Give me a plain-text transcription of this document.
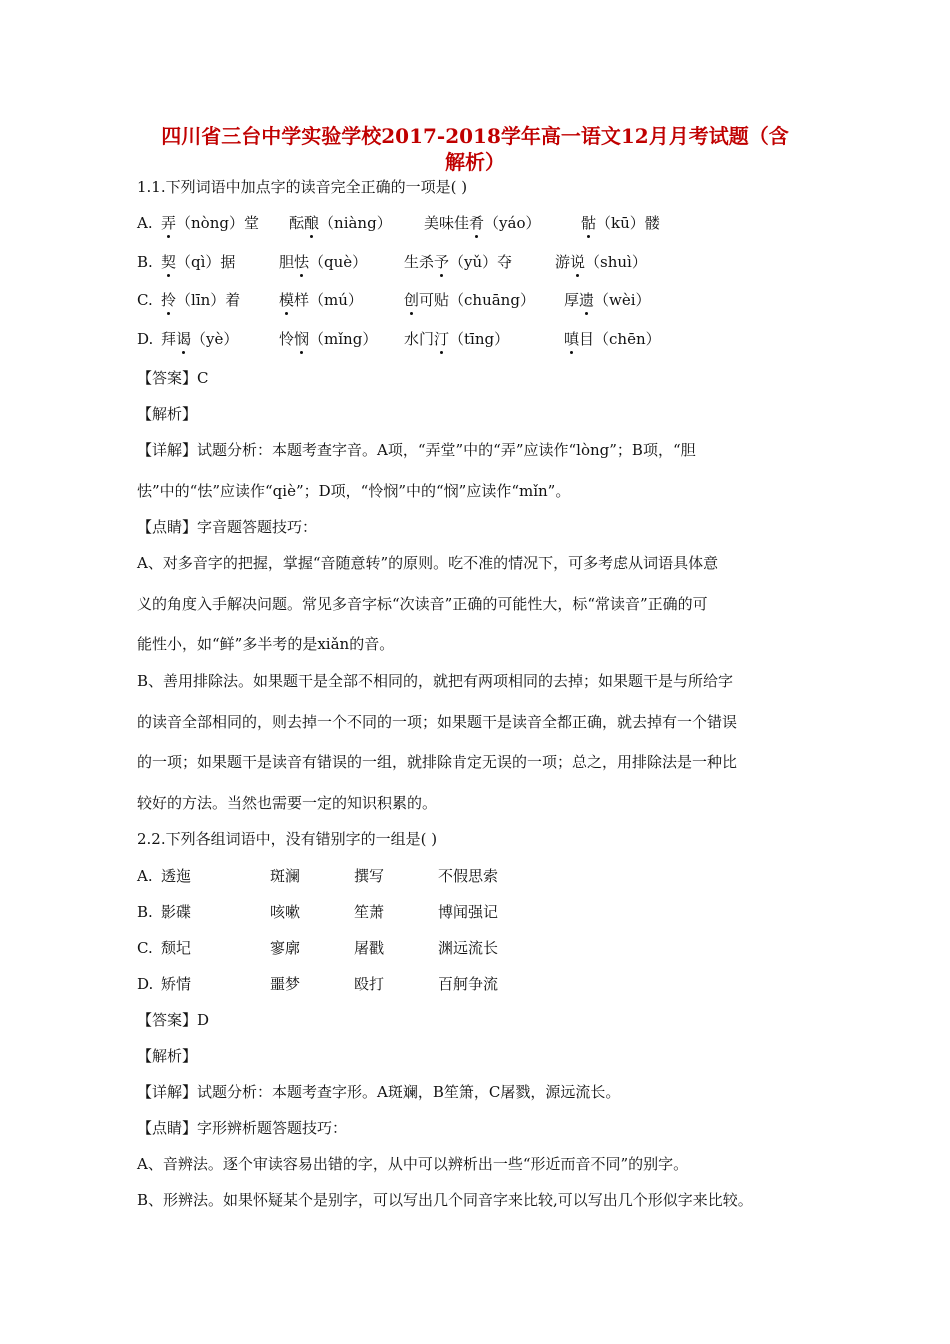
四川省三台中学实验学校2017-2018学年高一语文12月月考试题（含
解析）
1.1.下列词语中加点字的读音完全正确的一项是( )
A. 弄（nòng）堂 酝酿（niàng） 美味佳肴（yáo）	骷（kū）髅
B. 契（qì）据	胆怯（què） 生杀予（yǔ）夺	游说（shuì）
C. 拎（līn）着	模样（mú）	创可贴（chuāng） 厚遗（wèi）
D. 拜谒（yè）	怜悯（mǐng） 水门汀（tīng）	嗔目（chēn）
【答案】C
【解析】
【详解】试题分析：本题考查字音。A项，“弄堂”中的“弄”应读作“lòng”；B项，“胆
怯”中的“怯”应读作“qiè”；D项，“怜悯”中的“悯”应读作“mǐn”。
【点睛】字音题答题技巧：
A、对多音字的把握，掌握“音随意转”的原则。吃不准的情况下，可多考虑从词语具体意
义的角度入手解决问题。常见多音字标“次读音”正确的可能性大，标“常读音”正确的可
能性小，如“鲜”多半考的是xiǎn的音。
B、善用排除法。如果题干是全部不相同的，就把有两项相同的去掉；如果题干是与所给字
的读音全部相同的，则去掉一个不同的一项；如果题干是读音全都正确，就去掉有一个错误
的一项；如果题干是读音有错误的一组，就排除肯定无误的一项；总之，用排除法是一种比
较好的方法。当然也需要一定的知识积累的。
2.2.下列各组词语中，没有错别字的一组是( )
A. 透迤	斑澜	撰写	不假思索
B. 影碟	咳嗽	笙萧	博闻强记
C. 颓圮	寥廓	屠戳	渊远流长
D. 矫情	噩梦	殴打	百舸争流
【答案】D
【解析】
【详解】试题分析：本题考查字形。A斑斓，B笙箫，C屠戮，源远流长。
【点睛】字形辨析题答题技巧：
A、音辨法。逐个审读容易出错的字，从中可以辨析出一些“形近而音不同”的别字。
B、形辨法。如果怀疑某个是别字，可以写出几个同音字来比较,可以写出几个形似字来比较。
